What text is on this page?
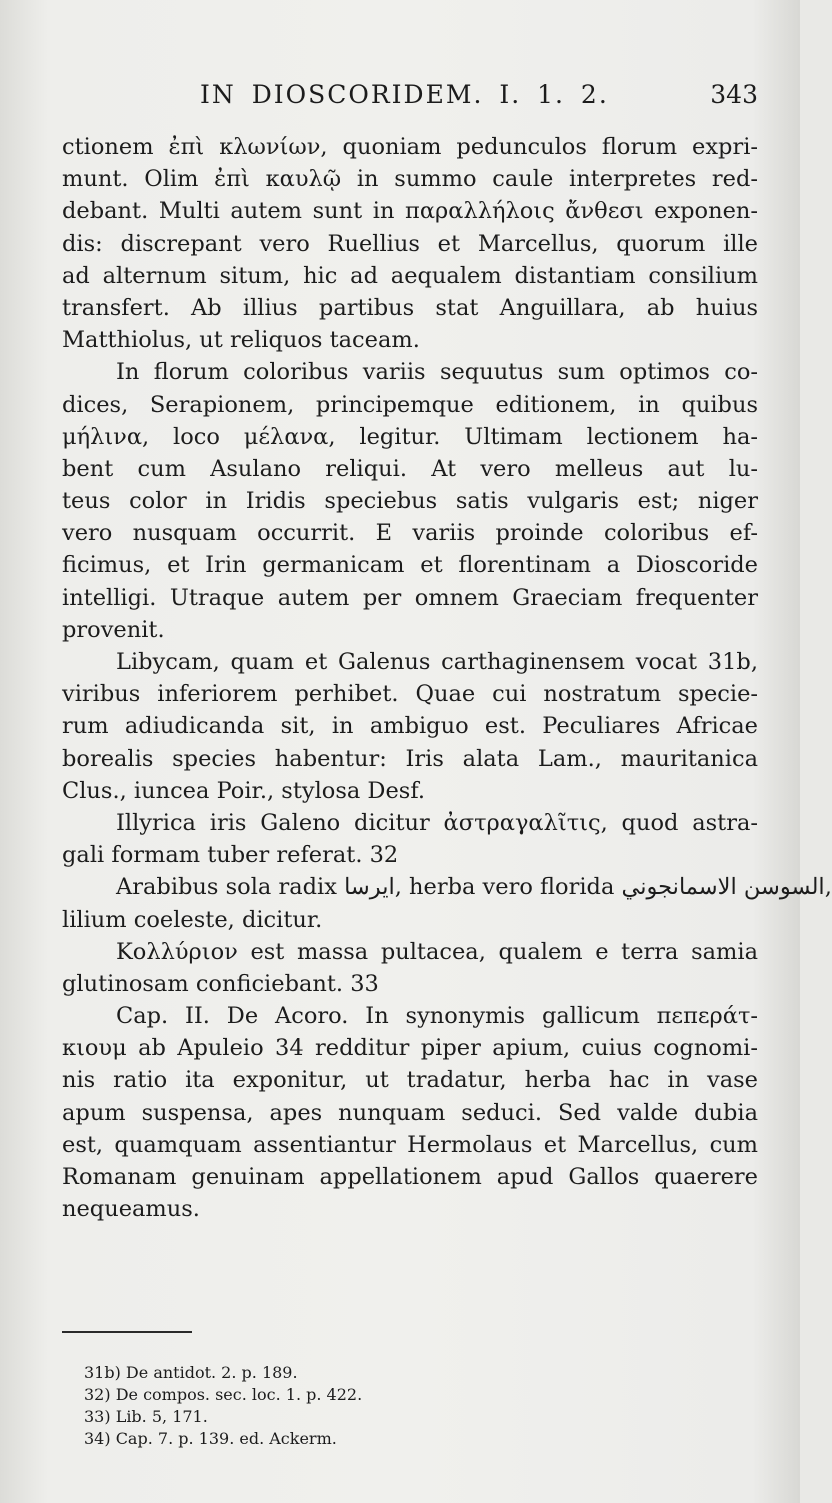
IN DIOSCORIDEM. I. 1. 2.	343
ctionem ἐπὶ κλωνίων, quoniam pedunculos florum expri-
munt. Olim ἐπὶ καυλῷ in summo caule interpretes red-
debant. Multi autem sunt in παραλλήλοις ἄνθεσι exponen-
dis: discrepant vero Ruellius et Marcellus, quorum ille
ad alternum situm, hic ad aequalem distantiam consilium
transfert. Ab illius partibus stat Anguillara, ab huius
Matthiolus, ut reliquos taceam.
In florum coloribus variis sequutus sum optimos co-
dices, Serapionem, principemque editionem, in quibus
μήλινα, loco μέλανα, legitur. Ultimam lectionem ha-
bent cum Asulano reliqui. At vero melleus aut lu-
teus color in Iridis speciebus satis vulgaris est; niger
vero nusquam occurrit. E variis proinde coloribus ef-
ficimus, et Irin germanicam et florentinam a Dioscoride
intelligi. Utraque autem per omnem Graeciam frequenter
provenit.
Libycam, quam et Galenus carthaginensem vocat 31b,
viribus inferiorem perhibet. Quae cui nostratum specie-
rum adiudicanda sit, in ambiguo est. Peculiares Africae
borealis species habentur: Iris alata Lam., mauritanica
Clus., iuncea Poir., stylosa Desf.
Illyrica iris Galeno dicitur ἀστραγαλῖτις, quod astra-
gali formam tuber referat. 32
Arabibus sola radix ايرسا, herba vero florida السوسن الاسمانجوني,
lilium coeleste, dicitur.
Κολλύριον est massa pultacea, qualem e terra samia
glutinosam conficiebant. 33
Cap. II. De Acoro. In synonymis gallicum πεπεράτ-
κιουμ ab Apuleio 34 redditur piper apium, cuius cognomi-
nis ratio ita exponitur, ut tradatur, herba hac in vase
apum suspensa, apes nunquam seduci. Sed valde dubia
est, quamquam assentiantur Hermolaus et Marcellus, cum
Romanam genuinam appellationem apud Gallos quaerere
nequeamus.
31b) De antidot. 2. p. 189.
32) De compos. sec. loc. 1. p. 422.
33) Lib. 5, 171.
34) Cap. 7. p. 139. ed. Ackerm.
